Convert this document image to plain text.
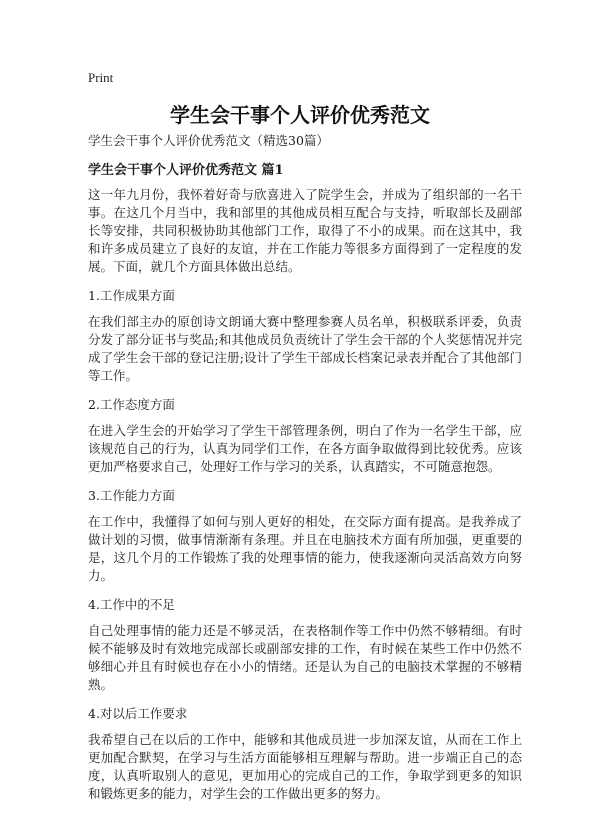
Print
学生会干事个人评价优秀范文

学生会干事个人评价优秀范文（精选30篇）

学生会干事个人评价优秀范文 篇1

这一年九月份，我怀着好奇与欣喜进入了院学生会，并成为了组织部的一名干事。在这几个月当中，我和部里的其他成员相互配合与支持，听取部长及副部长等安排，共同积极协助其他部门工作，取得了不小的成果。而在这其中，我和许多成员建立了良好的友谊，并在工作能力等很多方面得到了一定程度的发展。下面，就几个方面具体做出总结。

1.工作成果方面

在我们部主办的原创诗文朗诵大赛中整理参赛人员名单，积极联系评委，负责分发了部分证书与奖品;和其他成员负责统计了学生会干部的个人奖惩情况并完成了学生会干部的登记注册;设计了学生干部成长档案记录表并配合了其他部门等工作。

2.工作态度方面

在进入学生会的开始学习了学生干部管理条例，明白了作为一名学生干部，应该规范自己的行为，认真为同学们工作，在各方面争取做得到比较优秀。应该更加严格要求自己，处理好工作与学习的关系，认真踏实，不可随意抱怨。

3.工作能力方面

在工作中，我懂得了如何与别人更好的相处，在交际方面有提高。是我养成了做计划的习惯，做事情渐渐有条理。并且在电脑技术方面有所加强，更重要的是，这几个月的工作锻炼了我的处理事情的能力，使我逐渐向灵活高效方向努力。

4.工作中的不足

自己处理事情的能力还是不够灵活，在表格制作等工作中仍然不够精细。有时候不能够及时有效地完成部长或副部安排的工作，有时候在某些工作中仍然不够细心并且有时候也存在小小的情绪。还是认为自己的电脑技术掌握的不够精熟。

4.对以后工作要求

我希望自己在以后的工作中，能够和其他成员进一步加深友谊，从而在工作上更加配合默契，在学习与生活方面能够相互理解与帮助。进一步端正自己的态度，认真听取别人的意见，更加用心的完成自己的工作，争取学到更多的知识和锻炼更多的能力，对学生会的工作做出更多的努力。
